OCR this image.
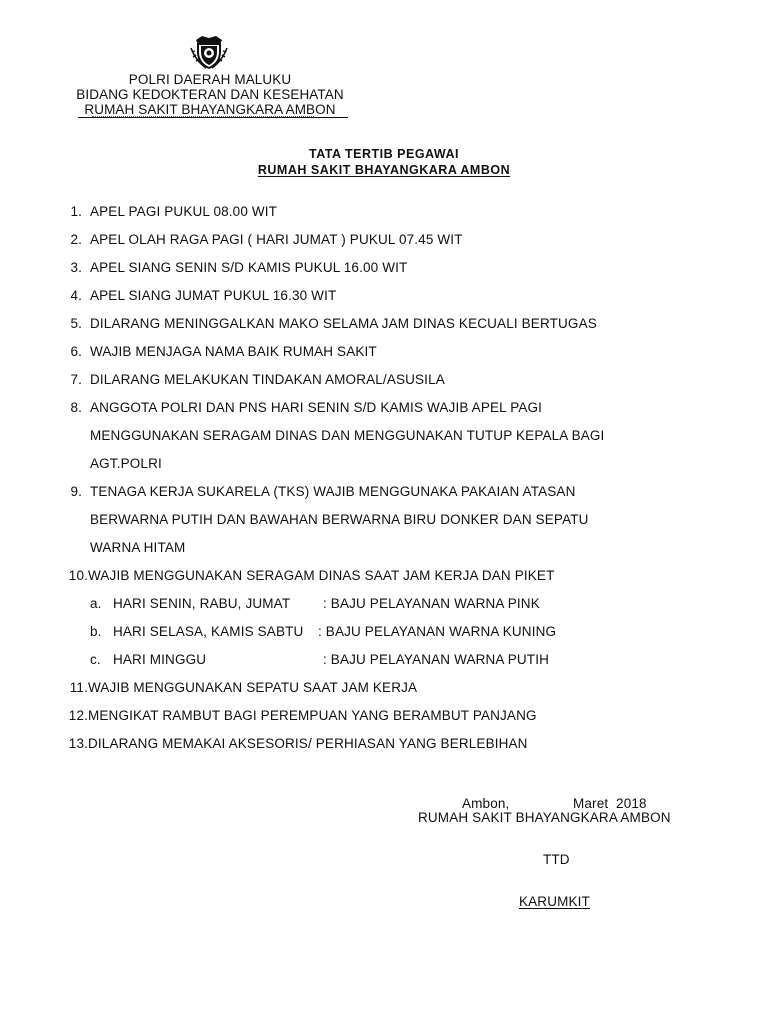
POLRI DAERAH MALUKU
BIDANG KEDOKTERAN DAN KESEHATAN
RUMAH SAKIT BHAYANGKARA AMBON
TATA TERTIB PEGAWAI
RUMAH SAKIT BHAYANGKARA AMBON
1. APEL PAGI PUKUL 08.00 WIT
2. APEL OLAH RAGA PAGI ( HARI JUMAT ) PUKUL 07.45 WIT
3. APEL SIANG SENIN S/D KAMIS PUKUL 16.00 WIT
4. APEL SIANG JUMAT PUKUL 16.30 WIT
5. DILARANG MENINGGALKAN MAKO SELAMA JAM DINAS KECUALI BERTUGAS
6. WAJIB MENJAGA NAMA BAIK RUMAH SAKIT
7. DILARANG MELAKUKAN TINDAKAN AMORAL/ASUSILA
8. ANGGOTA POLRI DAN PNS HARI SENIN S/D KAMIS WAJIB APEL PAGI
MENGGUNAKAN SERAGAM DINAS DAN MENGGUNAKAN TUTUP KEPALA BAGI
AGT.POLRI
9. TENAGA KERJA SUKARELA (TKS) WAJIB MENGGUNAKA PAKAIAN ATASAN
BERWARNA PUTIH DAN BAWAHAN BERWARNA BIRU DONKER DAN SEPATU
WARNA HITAM
10. WAJIB MENGGUNAKAN SERAGAM DINAS SAAT JAM KERJA DAN PIKET
a. HARI SENIN, RABU, JUMAT : BAJU PELAYANAN WARNA PINK
b. HARI SELASA, KAMIS SABTU : BAJU PELAYANAN WARNA KUNING
c. HARI MINGGU	: BAJU PELAYANAN WARNA PUTIH
11. WAJIB MENGGUNAKAN SEPATU SAAT JAM KERJA
12. MENGIKAT RAMBUT BAGI PEREMPUAN YANG BERAMBUT PANJANG
13. DILARANG MEMAKAI AKSESORIS/ PERHIASAN YANG BERLEBIHAN
Ambon,	Maret  2018
RUMAH SAKIT BHAYANGKARA AMBON
TTD
KARUMKIT
